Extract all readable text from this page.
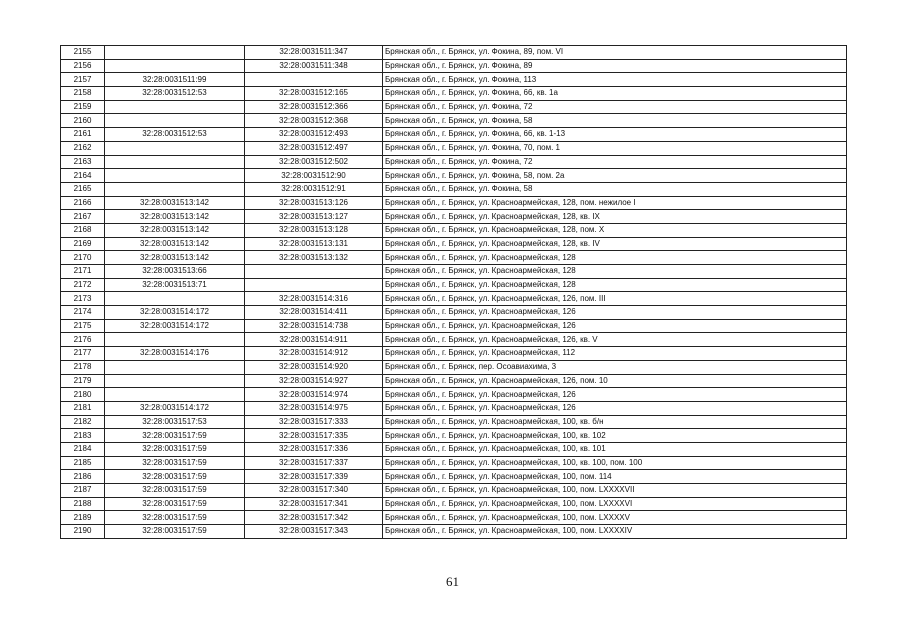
2155		32:28:0031511:347	Брянская обл., г. Брянск, ул. Фокина, 89, пом. VI
2156		32:28:0031511:348	Брянская обл., г. Брянск, ул. Фокина, 89
2157	32:28:0031511:99		Брянская обл., г. Брянск, ул. Фокина, 113
2158	32:28:0031512:53	32:28:0031512:165	Брянская обл., г. Брянск, ул. Фокина, 66, кв. 1а
2159		32:28:0031512:366	Брянская обл., г. Брянск, ул. Фокина, 72
2160		32:28:0031512:368	Брянская обл., г. Брянск, ул. Фокина, 58
2161	32:28:0031512:53	32:28:0031512:493	Брянская обл., г. Брянск, ул. Фокина, 66, кв. 1-13
2162		32:28:0031512:497	Брянская обл., г. Брянск, ул. Фокина, 70, пом. 1
2163		32:28:0031512:502	Брянская обл., г. Брянск, ул. Фокина, 72
2164		32:28:0031512:90	Брянская обл., г. Брянск, ул. Фокина, 58, пом. 2а
2165		32:28:0031512:91	Брянская обл., г. Брянск, ул. Фокина, 58
2166	32:28:0031513:142	32:28:0031513:126	Брянская обл., г. Брянск, ул. Красноармейская, 128, пом. нежилое I
2167	32:28:0031513:142	32:28:0031513:127	Брянская обл., г. Брянск, ул. Красноармейская, 128, кв. IX
2168	32:28:0031513:142	32:28:0031513:128	Брянская обл., г. Брянск, ул. Красноармейская, 128, пом. X
2169	32:28:0031513:142	32:28:0031513:131	Брянская обл., г. Брянск, ул. Красноармейская, 128, кв. IV
2170	32:28:0031513:142	32:28:0031513:132	Брянская обл., г. Брянск, ул. Красноармейская, 128
2171	32:28:0031513:66		Брянская обл., г. Брянск, ул. Красноармейская, 128
2172	32:28:0031513:71		Брянская обл., г. Брянск, ул. Красноармейская, 128
2173		32:28:0031514:316	Брянская обл., г. Брянск, ул. Красноармейская, 126, пом. III
2174	32:28:0031514:172	32:28:0031514:411	Брянская обл., г. Брянск, ул. Красноармейская, 126
2175	32:28:0031514:172	32:28:0031514:738	Брянская обл., г. Брянск, ул. Красноармейская, 126
2176		32:28:0031514:911	Брянская обл., г. Брянск, ул. Красноармейская, 126, кв. V
2177	32:28:0031514:176	32:28:0031514:912	Брянская обл., г. Брянск, ул. Красноармейская, 112
2178		32:28:0031514:920	Брянская обл., г. Брянск, пер. Осоавиахима, 3
2179		32:28:0031514:927	Брянская обл., г. Брянск, ул. Красноармейская, 126, пом. 10
2180		32:28:0031514:974	Брянская обл., г. Брянск, ул. Красноармейская, 126
2181	32:28:0031514:172	32:28:0031514:975	Брянская обл., г. Брянск, ул. Красноармейская, 126
2182	32:28:0031517:53	32:28:0031517:333	Брянская обл., г. Брянск, ул. Красноармейская, 100, кв. б/н
2183	32:28:0031517:59	32:28:0031517:335	Брянская обл., г. Брянск, ул. Красноармейская, 100, кв. 102
2184	32:28:0031517:59	32:28:0031517:336	Брянская обл., г. Брянск, ул. Красноармейская, 100, кв. 101
2185	32:28:0031517:59	32:28:0031517:337	Брянская обл., г. Брянск, ул. Красноармейская, 100, кв. 100, пом. 100
2186	32:28:0031517:59	32:28:0031517:339	Брянская обл., г. Брянск, ул. Красноармейская, 100, пом. 114
2187	32:28:0031517:59	32:28:0031517:340	Брянская обл., г. Брянск, ул. Красноармейская, 100, пом. LXXXXVII
2188	32:28:0031517:59	32:28:0031517:341	Брянская обл., г. Брянск, ул. Красноармейская, 100, пом. LXXXXVI
2189	32:28:0031517:59	32:28:0031517:342	Брянская обл., г. Брянск, ул. Красноармейская, 100, пом. LXXXXV
2190	32:28:0031517:59	32:28:0031517:343	Брянская обл., г. Брянск, ул. Красноармейская, 100, пом. LXXXXIV
61
